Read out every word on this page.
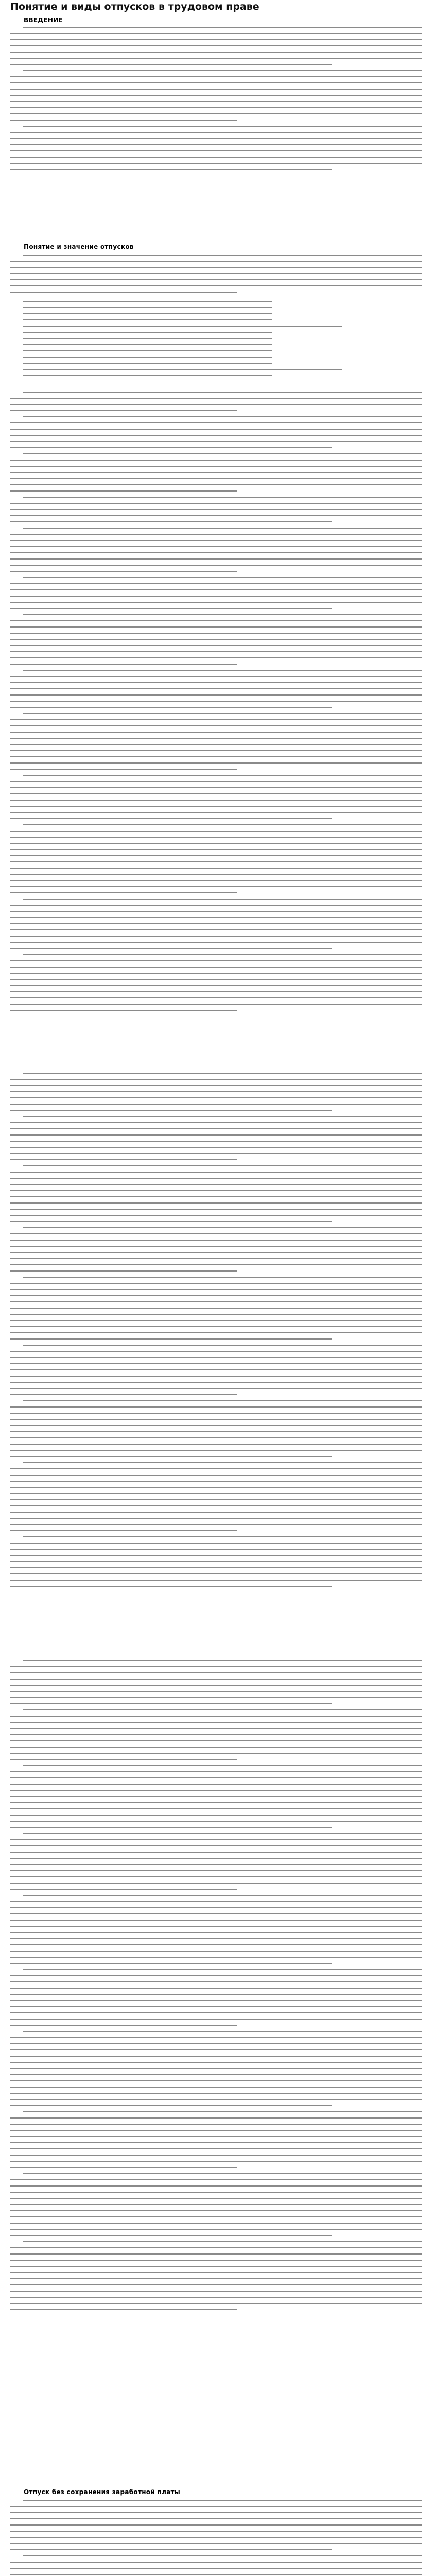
Понятие и виды отпусков в трудовом праве
ВВЕДЕНИЕ
Понятие и значение отпусков
Отпуск без сохранения заработной платы
